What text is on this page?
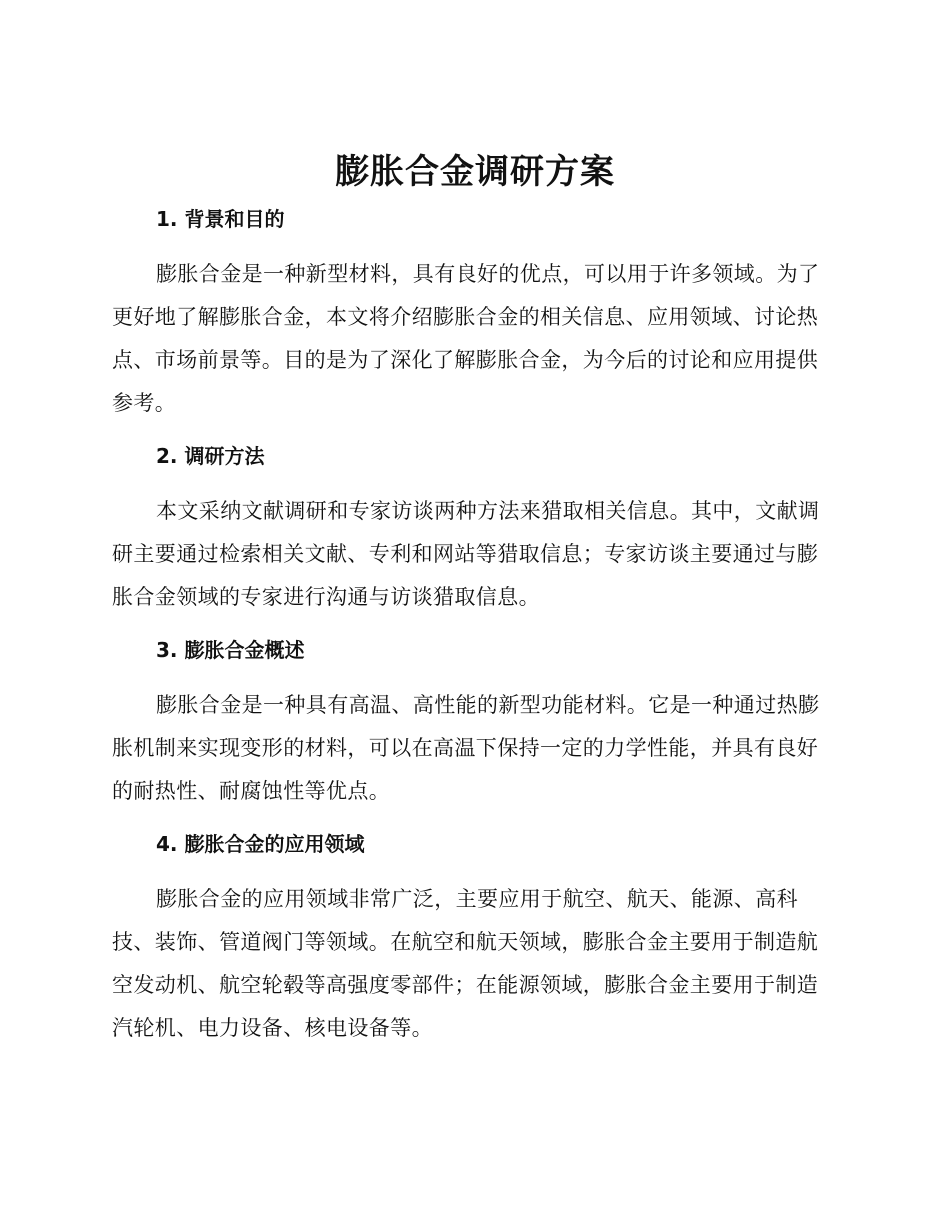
膨胀合金调研方案
1. 背景和目的
膨胀合金是一种新型材料，具有良好的优点，可以用于许多领域。为了
更好地了解膨胀合金，本文将介绍膨胀合金的相关信息、应用领域、讨论热
点、市场前景等。目的是为了深化了解膨胀合金，为今后的讨论和应用提供
参考。
2. 调研方法
本文采纳文献调研和专家访谈两种方法来猎取相关信息。其中，文献调
研主要通过检索相关文献、专利和网站等猎取信息；专家访谈主要通过与膨
胀合金领域的专家进行沟通与访谈猎取信息。
3. 膨胀合金概述
膨胀合金是一种具有高温、高性能的新型功能材料。它是一种通过热膨
胀机制来实现变形的材料，可以在高温下保持一定的力学性能，并具有良好
的耐热性、耐腐蚀性等优点。
4. 膨胀合金的应用领域
膨胀合金的应用领域非常广泛，主要应用于航空、航天、能源、高科
技、装饰、管道阀门等领域。在航空和航天领域，膨胀合金主要用于制造航
空发动机、航空轮毂等高强度零部件；在能源领域，膨胀合金主要用于制造
汽轮机、电力设备、核电设备等。
